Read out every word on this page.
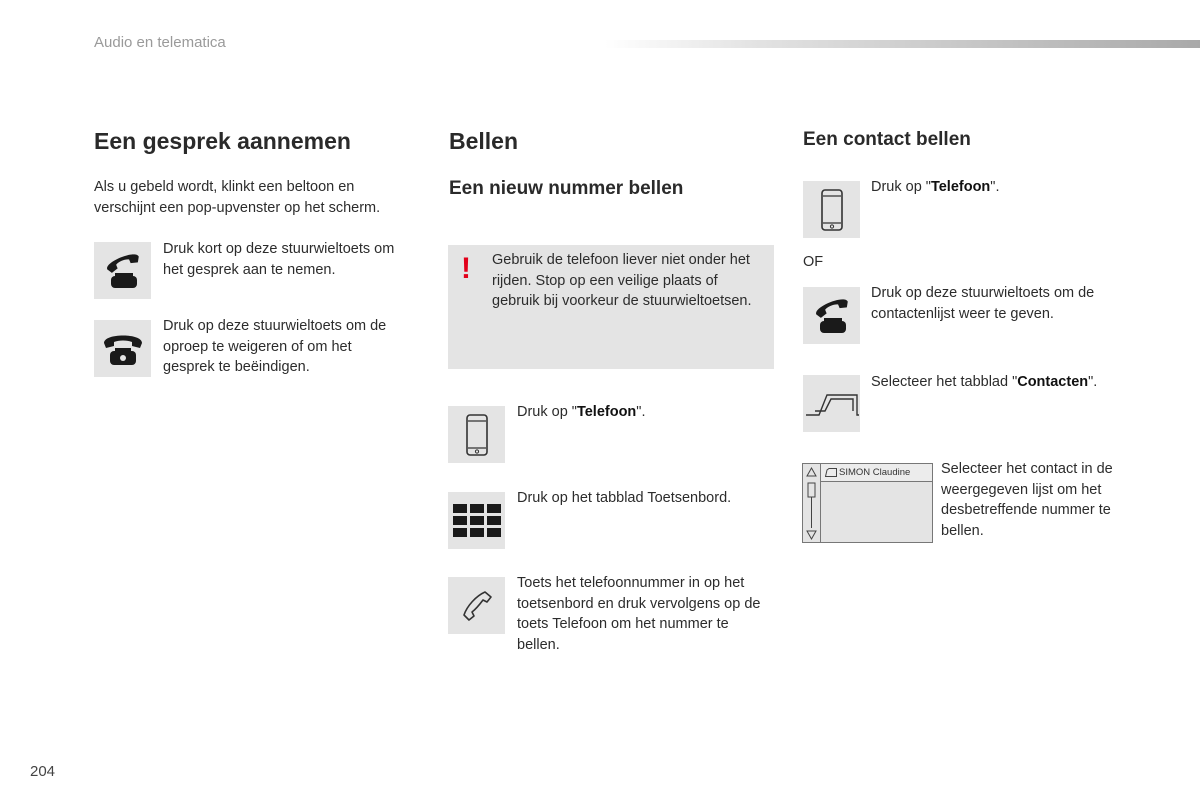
Audio en telematica
204
Een gesprek aannemen

Als u gebeld wordt, klinkt een beltoon en verschijnt een pop-upvenster op het scherm.

Druk kort op deze stuurwieltoets om het gesprek aan te nemen.

Druk op deze stuurwieltoets om de oproep te weigeren of om het gesprek te beëindigen.

Bellen
Een nieuw nummer bellen
! Gebruik de telefoon liever niet onder het rijden. Stop op een veilige plaats of gebruik bij voorkeur de stuurwieltoetsen.

Druk op "Telefoon".

Druk op het tabblad Toetsenbord.

Toets het telefoonnummer in op het toetsenbord en druk vervolgens op de toets Telefoon om het nummer te bellen.

Een contact bellen

Druk op "Telefoon".

OF

Druk op deze stuurwieltoets om de contactenlijst weer te geven.

Selecteer het tabblad "Contacten".

SIMON Claudine Selecteer het contact in de weergegeven lijst om het desbetreffende nummer te bellen.
